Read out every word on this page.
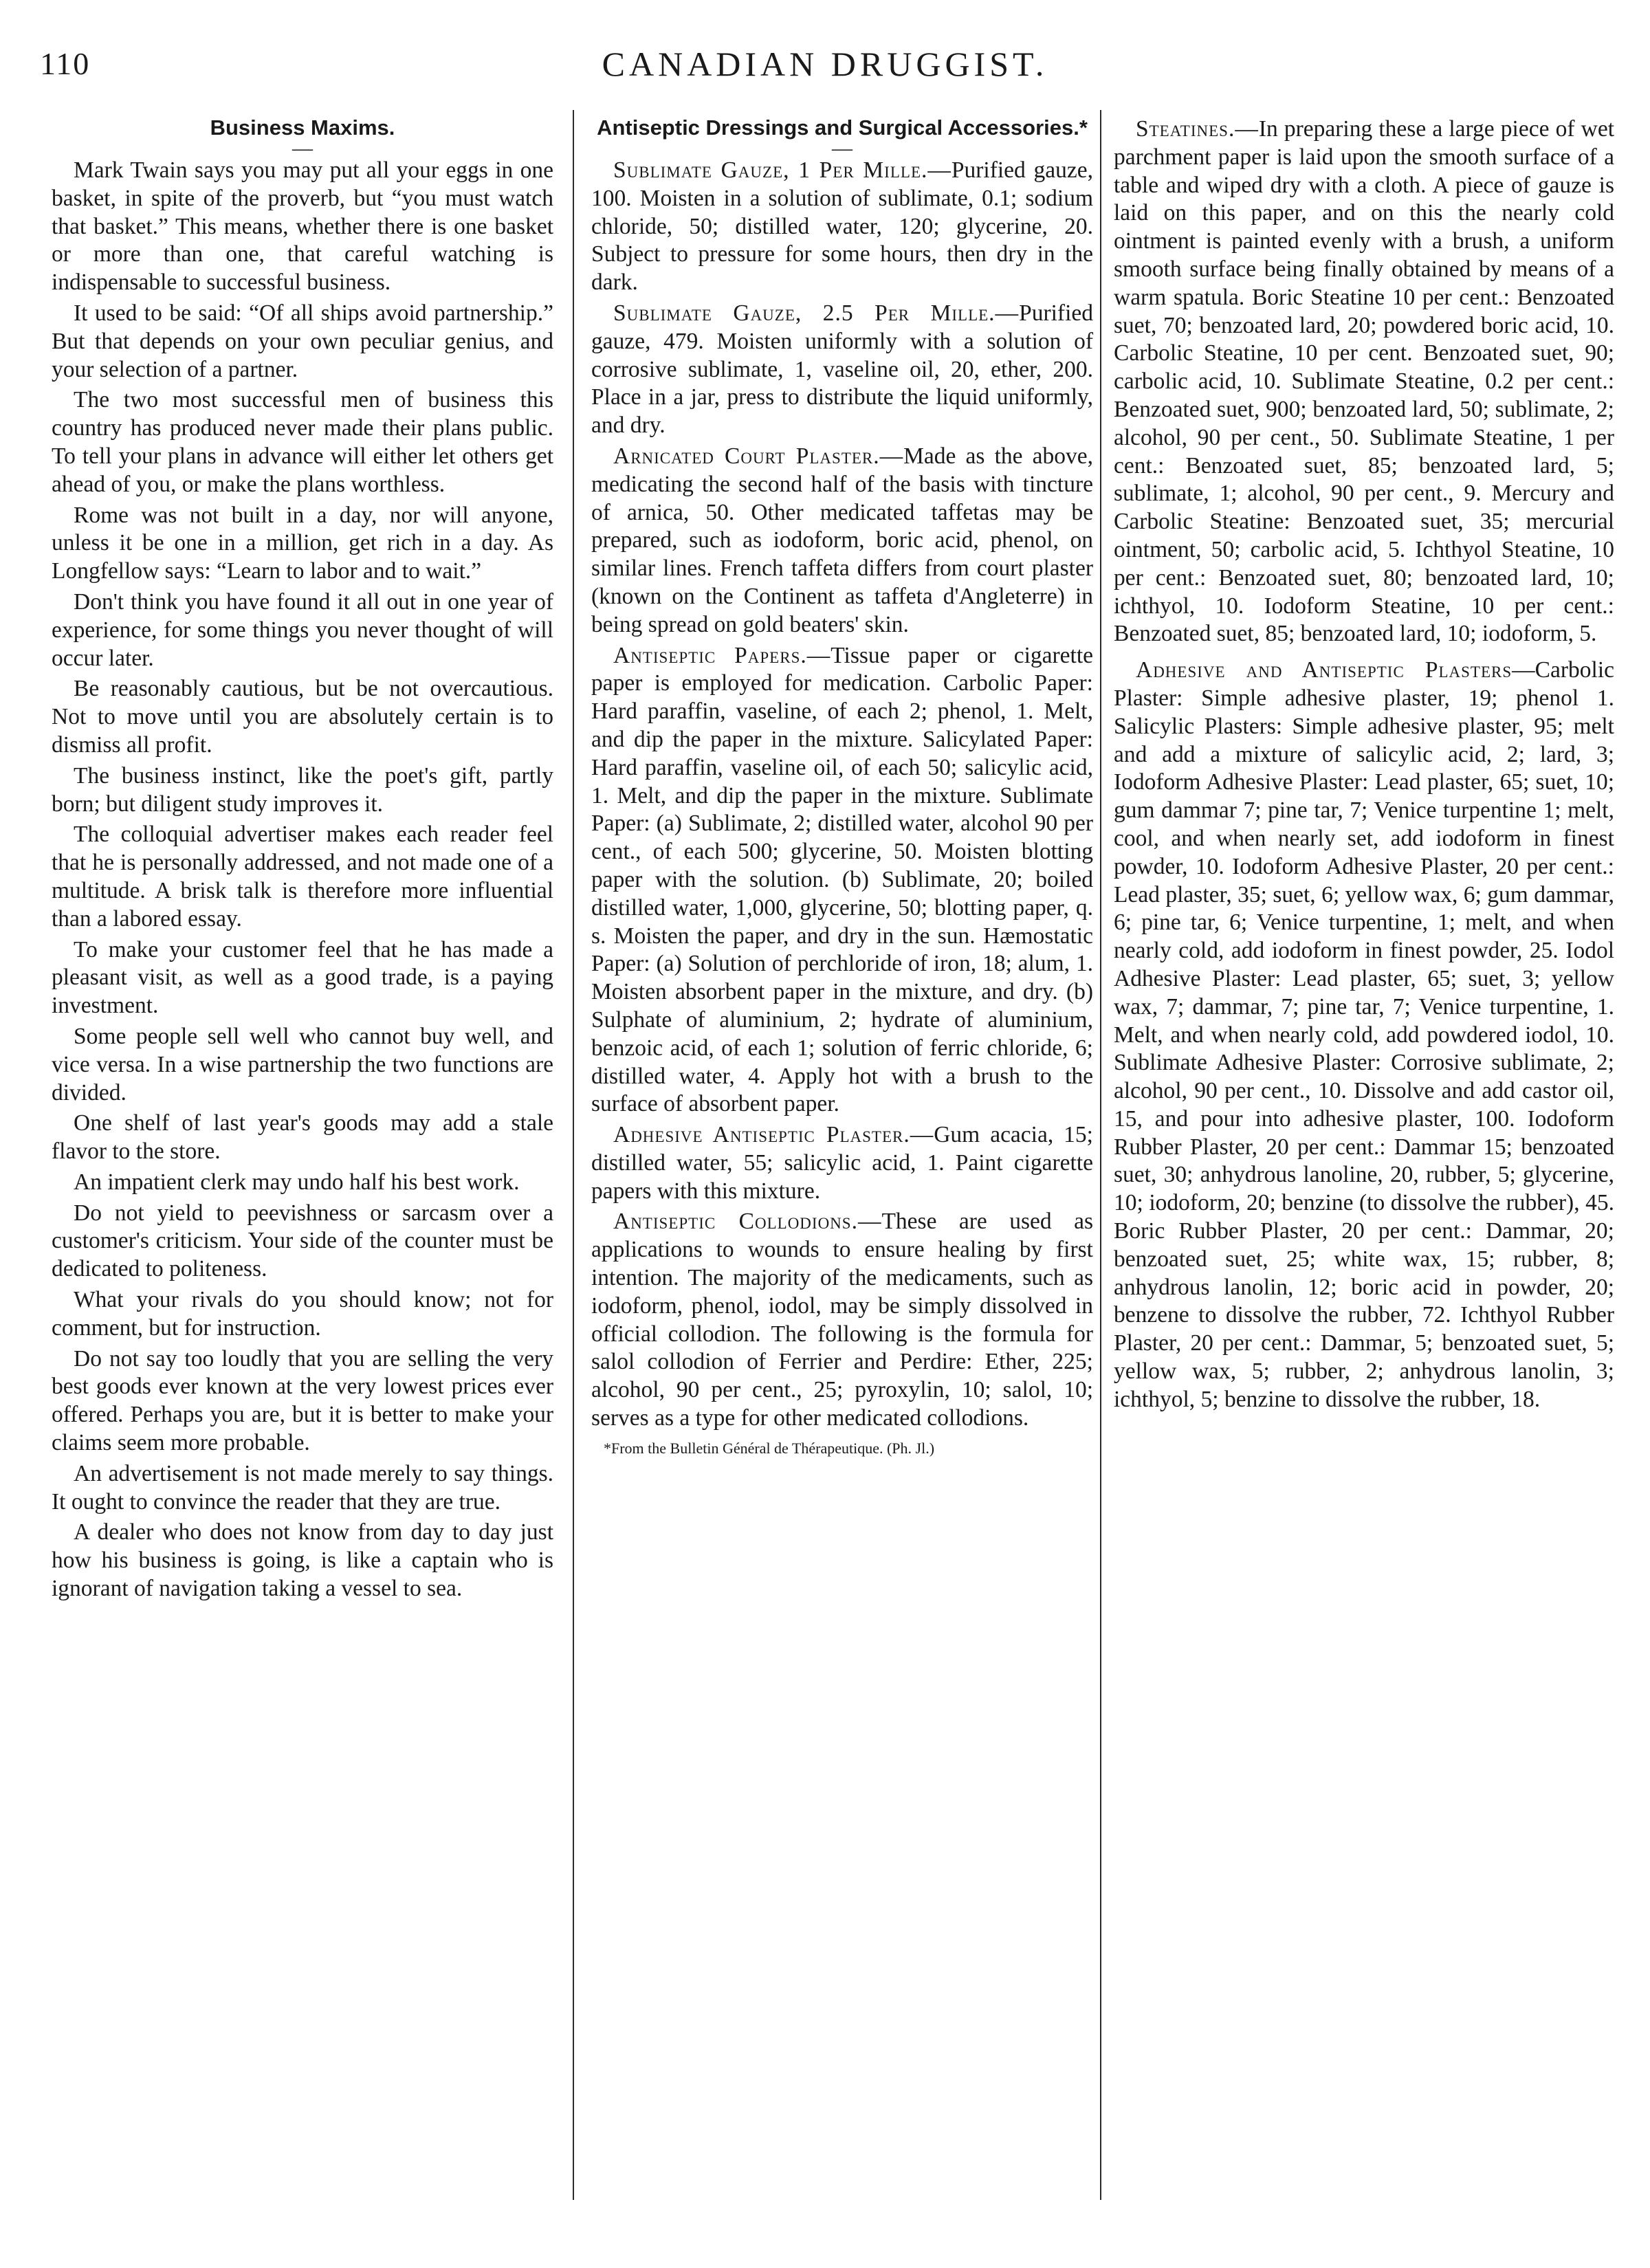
110	CANADIAN DRUGGIST.
Business Maxims.
—

Mark Twain says you may put all your eggs in one basket, in spite of the proverb, but “you must watch that basket.” This means, whether there is one basket or more than one, that careful watching is indispensable to successful business.

It used to be said: “Of all ships avoid partnership.” But that depends on your own peculiar genius, and your selection of a partner.

The two most successful men of business this country has produced never made their plans public. To tell your plans in advance will either let others get ahead of you, or make the plans worthless.

Rome was not built in a day, nor will anyone, unless it be one in a million, get rich in a day. As Longfellow says: “Learn to labor and to wait.”

Don't think you have found it all out in one year of experience, for some things you never thought of will occur later.

Be reasonably cautious, but be not overcautious. Not to move until you are absolutely certain is to dismiss all profit.

The business instinct, like the poet's gift, partly born; but diligent study improves it.

The colloquial advertiser makes each reader feel that he is personally addressed, and not made one of a multitude. A brisk talk is therefore more influential than a labored essay.

To make your customer feel that he has made a pleasant visit, as well as a good trade, is a paying investment.

Some people sell well who cannot buy well, and vice versa. In a wise partnership the two functions are divided.

One shelf of last year's goods may add a stale flavor to the store.

An impatient clerk may undo half his best work.

Do not yield to peevishness or sarcasm over a customer's criticism. Your side of the counter must be dedicated to politeness.

What your rivals do you should know; not for comment, but for instruction.

Do not say too loudly that you are selling the very best goods ever known at the very lowest prices ever offered. Perhaps you are, but it is better to make your claims seem more probable.

An advertisement is not made merely to say things. It ought to convince the reader that they are true.

A dealer who does not know from day to day just how his business is going, is like a captain who is ignorant of navigation taking a vessel to sea.

Antiseptic Dressings and Surgical Accessories.*
—

Sublimate Gauze, 1 Per Mille.—Purified gauze, 100. Moisten in a solution of sublimate, 0.1; sodium chloride, 50; distilled water, 120; glycerine, 20. Subject to pressure for some hours, then dry in the dark.

Sublimate Gauze, 2.5 Per Mille.—Purified gauze, 479. Moisten uniformly with a solution of corrosive sublimate, 1, vaseline oil, 20, ether, 200. Place in a jar, press to distribute the liquid uniformly, and dry.

Arnicated Court Plaster.—Made as the above, medicating the second half of the basis with tincture of arnica, 50. Other medicated taffetas may be prepared, such as iodoform, boric acid, phenol, on similar lines. French taffeta differs from court plaster (known on the Continent as taffeta d'Angleterre) in being spread on gold beaters' skin.

Antiseptic Papers.—Tissue paper or cigarette paper is employed for medication. Carbolic Paper: Hard paraffin, vaseline, of each 2; phenol, 1. Melt, and dip the paper in the mixture. Salicylated Paper: Hard paraffin, vaseline oil, of each 50; salicylic acid, 1. Melt, and dip the paper in the mixture. Sublimate Paper: (a) Sublimate, 2; distilled water, alcohol 90 per cent., of each 500; glycerine, 50. Moisten blotting paper with the solution. (b) Sublimate, 20; boiled distilled water, 1,000, glycerine, 50; blotting paper, q. s. Moisten the paper, and dry in the sun. Hæmostatic Paper: (a) Solution of perchloride of iron, 18; alum, 1. Moisten absorbent paper in the mixture, and dry. (b) Sulphate of aluminium, 2; hydrate of aluminium, benzoic acid, of each 1; solution of ferric chloride, 6; distilled water, 4. Apply hot with a brush to the surface of absorbent paper.

Adhesive Antiseptic Plaster.—Gum acacia, 15; distilled water, 55; salicylic acid, 1. Paint cigarette papers with this mixture.

Antiseptic Collodions.—These are used as applications to wounds to ensure healing by first intention. The majority of the medicaments, such as iodoform, phenol, iodol, may be simply dissolved in official collodion. The following is the formula for salol collodion of Ferrier and Perdire: Ether, 225; alcohol, 90 per cent., 25; pyroxylin, 10; salol, 10; serves as a type for other medicated collodions.

*From the Bulletin Général de Thérapeutique. (Ph. Jl.)

Steatines.—In preparing these a large piece of wet parchment paper is laid upon the smooth surface of a table and wiped dry with a cloth. A piece of gauze is laid on this paper, and on this the nearly cold ointment is painted evenly with a brush, a uniform smooth surface being finally obtained by means of a warm spatula. Boric Steatine 10 per cent.: Benzoated suet, 70; benzoated lard, 20; powdered boric acid, 10. Carbolic Steatine, 10 per cent. Benzoated suet, 90; carbolic acid, 10. Sublimate Steatine, 0.2 per cent.: Benzoated suet, 900; benzoated lard, 50; sublimate, 2; alcohol, 90 per cent., 50. Sublimate Steatine, 1 per cent.: Benzoated suet, 85; benzoated lard, 5; sublimate, 1; alcohol, 90 per cent., 9. Mercury and Carbolic Steatine: Benzoated suet, 35; mercurial ointment, 50; carbolic acid, 5. Ichthyol Steatine, 10 per cent.: Benzoated suet, 80; benzoated lard, 10; ichthyol, 10. Iodoform Steatine, 10 per cent.: Benzoated suet, 85; benzoated lard, 10; iodoform, 5.

Adhesive and Antiseptic Plasters—Carbolic Plaster: Simple adhesive plaster, 19; phenol 1. Salicylic Plasters: Simple adhesive plaster, 95; melt and add a mixture of salicylic acid, 2; lard, 3; Iodoform Adhesive Plaster: Lead plaster, 65; suet, 10; gum dammar 7; pine tar, 7; Venice turpentine 1; melt, cool, and when nearly set, add iodoform in finest powder, 10. Iodoform Adhesive Plaster, 20 per cent.: Lead plaster, 35; suet, 6; yellow wax, 6; gum dammar, 6; pine tar, 6; Venice turpentine, 1; melt, and when nearly cold, add iodoform in finest powder, 25. Iodol Adhesive Plaster: Lead plaster, 65; suet, 3; yellow wax, 7; dammar, 7; pine tar, 7; Venice turpentine, 1. Melt, and when nearly cold, add powdered iodol, 10. Sublimate Adhesive Plaster: Corrosive sublimate, 2; alcohol, 90 per cent., 10. Dissolve and add castor oil, 15, and pour into adhesive plaster, 100. Iodoform Rubber Plaster, 20 per cent.: Dammar 15; benzoated suet, 30; anhydrous lanoline, 20, rubber, 5; glycerine, 10; iodoform, 20; benzine (to dissolve the rubber), 45. Boric Rubber Plaster, 20 per cent.: Dammar, 20; benzoated suet, 25; white wax, 15; rubber, 8; anhydrous lanolin, 12; boric acid in powder, 20; benzene to dissolve the rubber, 72. Ichthyol Rubber Plaster, 20 per cent.: Dammar, 5; benzoated suet, 5; yellow wax, 5; rubber, 2; anhydrous lanolin, 3; ichthyol, 5; benzine to dissolve the rubber, 18.
